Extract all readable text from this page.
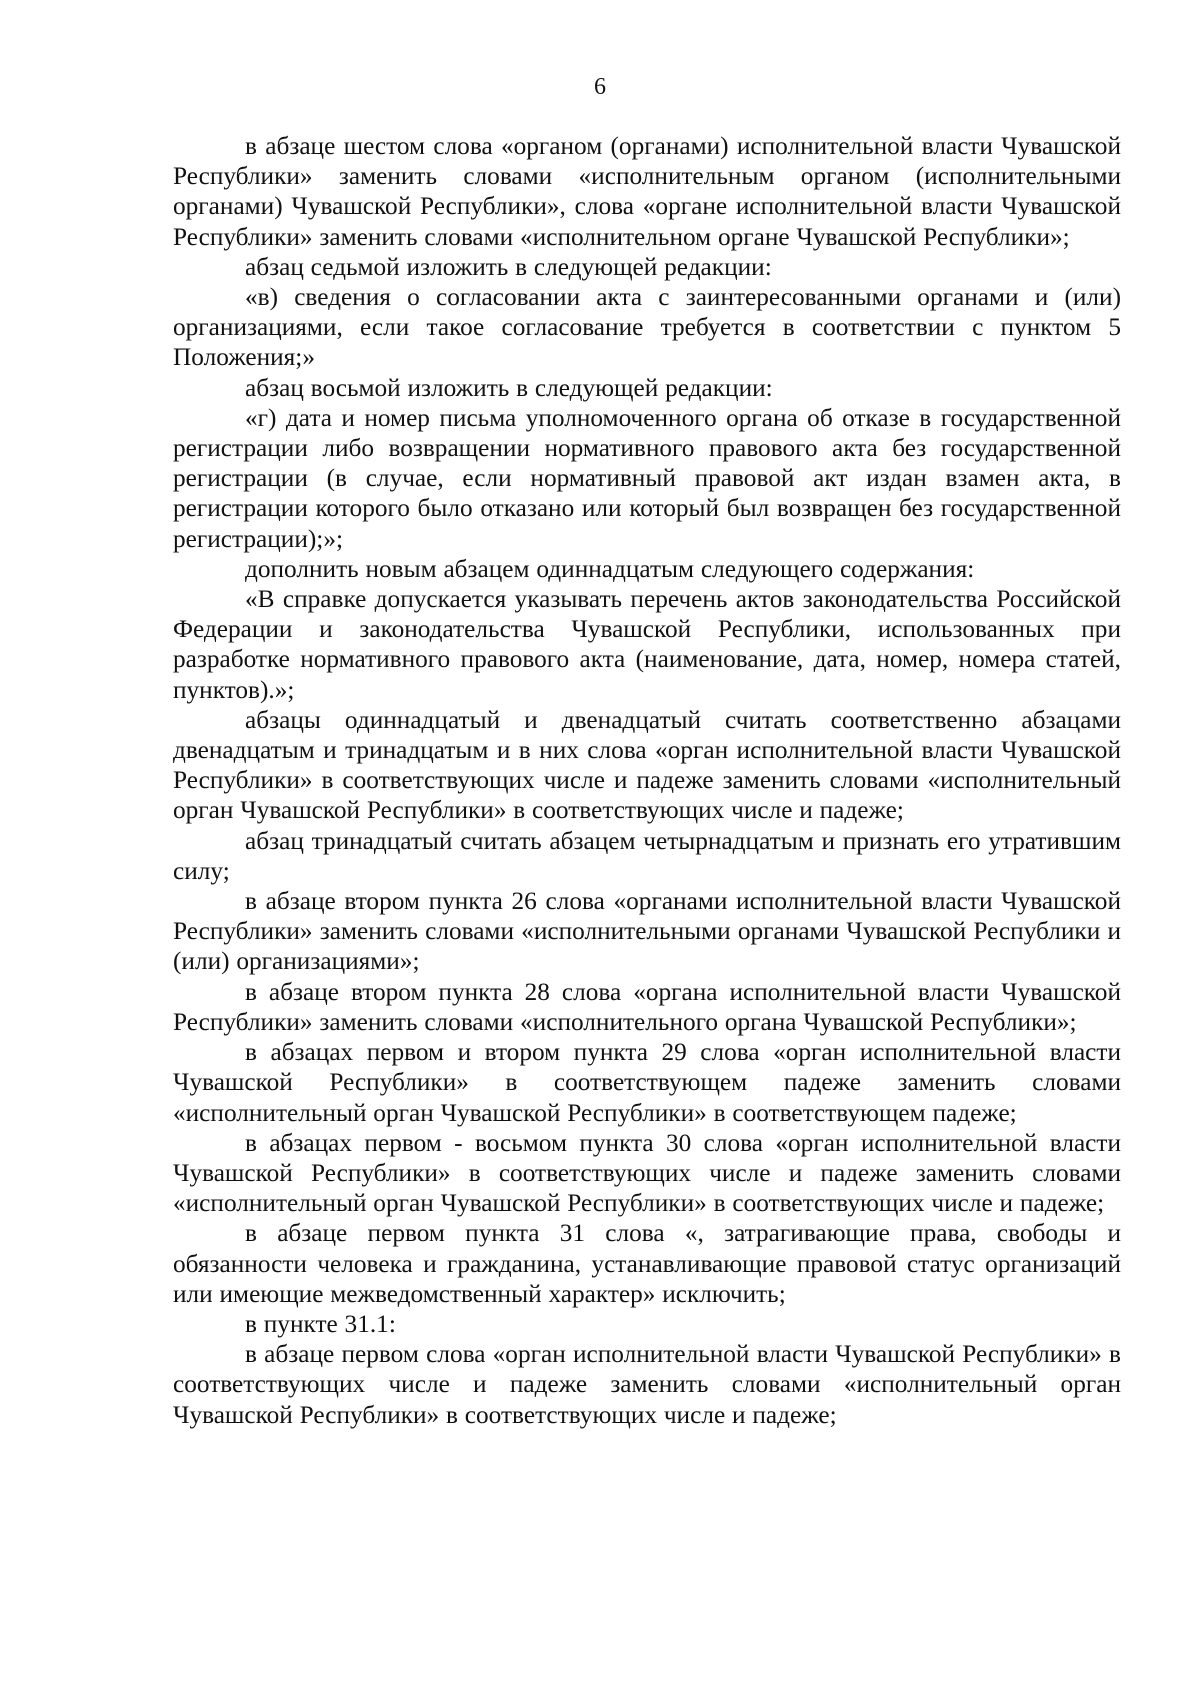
6

в абзаце шестом слова «органом (органами) исполнительной власти Чувашской Республики» заменить словами «исполнительным органом (исполнительными органами) Чувашской Республики», слова «органе исполнительной власти Чувашской Республики» заменить словами «исполнительном органе Чувашской Республики»;

абзац седьмой изложить в следующей редакции:

«в) сведения о согласовании акта с заинтересованными органами и (или) организациями, если такое согласование требуется в соответствии с пунктом 5 Положения;»

абзац восьмой изложить в следующей редакции:

«г) дата и номер письма уполномоченного органа об отказе в государственной регистрации либо возвращении нормативного правового акта без государственной регистрации (в случае, если нормативный правовой акт издан взамен акта, в регистрации которого было отказано или который был возвращен без государственной регистрации);»;

дополнить новым абзацем одиннадцатым следующего содержания:

«В справке допускается указывать перечень актов законодательства Российской Федерации и законодательства Чувашской Республики, использованных при разработке нормативного правового акта (наименование, дата, номер, номера статей, пунктов).»;

абзацы одиннадцатый и двенадцатый считать соответственно абзацами двенадцатым и тринадцатым и в них слова «орган исполнительной власти Чувашской Республики» в соответствующих числе и падеже заменить словами «исполнительный орган Чувашской Республики» в соответствующих числе и падеже;

абзац тринадцатый считать абзацем четырнадцатым и признать его утратившим силу;

в абзаце втором пункта 26 слова «органами исполнительной власти Чувашской Республики» заменить словами «исполнительными органами Чувашской Республики и (или) организациями»;

в абзаце втором пункта 28 слова «органа исполнительной власти Чувашской Республики» заменить словами «исполнительного органа Чувашской Республики»;

в абзацах первом и втором пункта 29 слова «орган исполнительной власти Чувашской Республики» в соответствующем падеже заменить словами «исполнительный орган Чувашской Республики» в соответствующем падеже;

в абзацах первом - восьмом пункта 30 слова «орган исполнительной власти Чувашской Республики» в соответствующих числе и падеже заменить словами «исполнительный орган Чувашской Республики» в соответствующих числе и падеже;

в абзаце первом пункта 31 слова «, затрагивающие права, свободы и обязанности человека и гражданина, устанавливающие правовой статус организаций или имеющие межведомственный характер» исключить;

в пункте 31.1:

в абзаце первом слова «орган исполнительной власти Чувашской Республики» в соответствующих числе и падеже заменить словами «исполнительный орган Чувашской Республики» в соответствующих числе и падеже;
